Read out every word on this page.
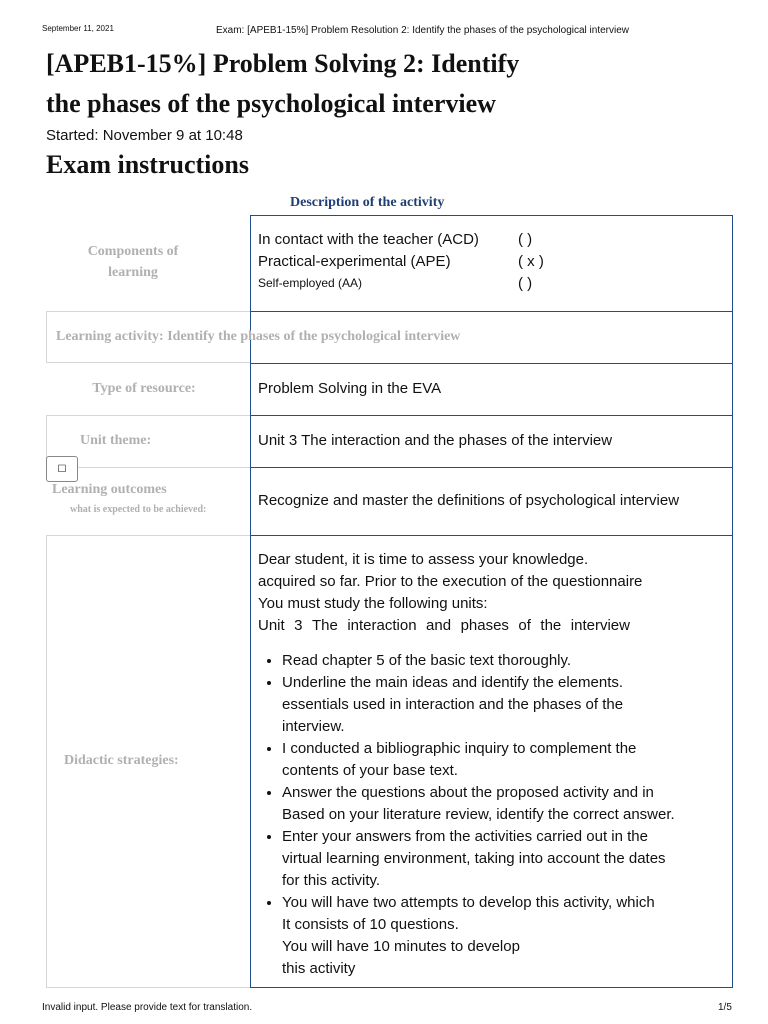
September 11, 2021	Exam: [APEB1-15%] Problem Resolution 2: Identify the phases of the psychological interview
[APEB1-15%] Problem Solving 2: Identify
the phases of the psychological interview
Started: November 9 at 10:48
Exam instructions
Description of the activity
Components of
learning
In contact with the teacher (ACD)	( )
Practical-experimental (APE)	( x )
Self-employed (AA)	( )
Learning activity: Identify the phases of the psychological interview
Type of resource:	Problem Solving in the EVA
Unit theme:	Unit 3 The interaction and the phases of the interview
Learning outcomes
what is expected to be achieved:
Recognize and master the definitions of psychological interview
Didactic strategies:
Dear student, it is time to assess your knowledge.
acquired so far. Prior to the execution of the questionnaire
You must study the following units:
Unit 3 The interaction and phases of the interview
• Read chapter 5 of the basic text thoroughly.
• Underline the main ideas and identify the elements.
essentials used in interaction and the phases of the
interview.
• I conducted a bibliographic inquiry to complement the
contents of your base text.
• Answer the questions about the proposed activity and in
Based on your literature review, identify the correct answer.
• Enter your answers from the activities carried out in the
virtual learning environment, taking into account the dates
for this activity.
• You will have two attempts to develop this activity, which
It consists of 10 questions.
You will have 10 minutes to develop
this activity
☐
Invalid input. Please provide text for translation.	1/5
